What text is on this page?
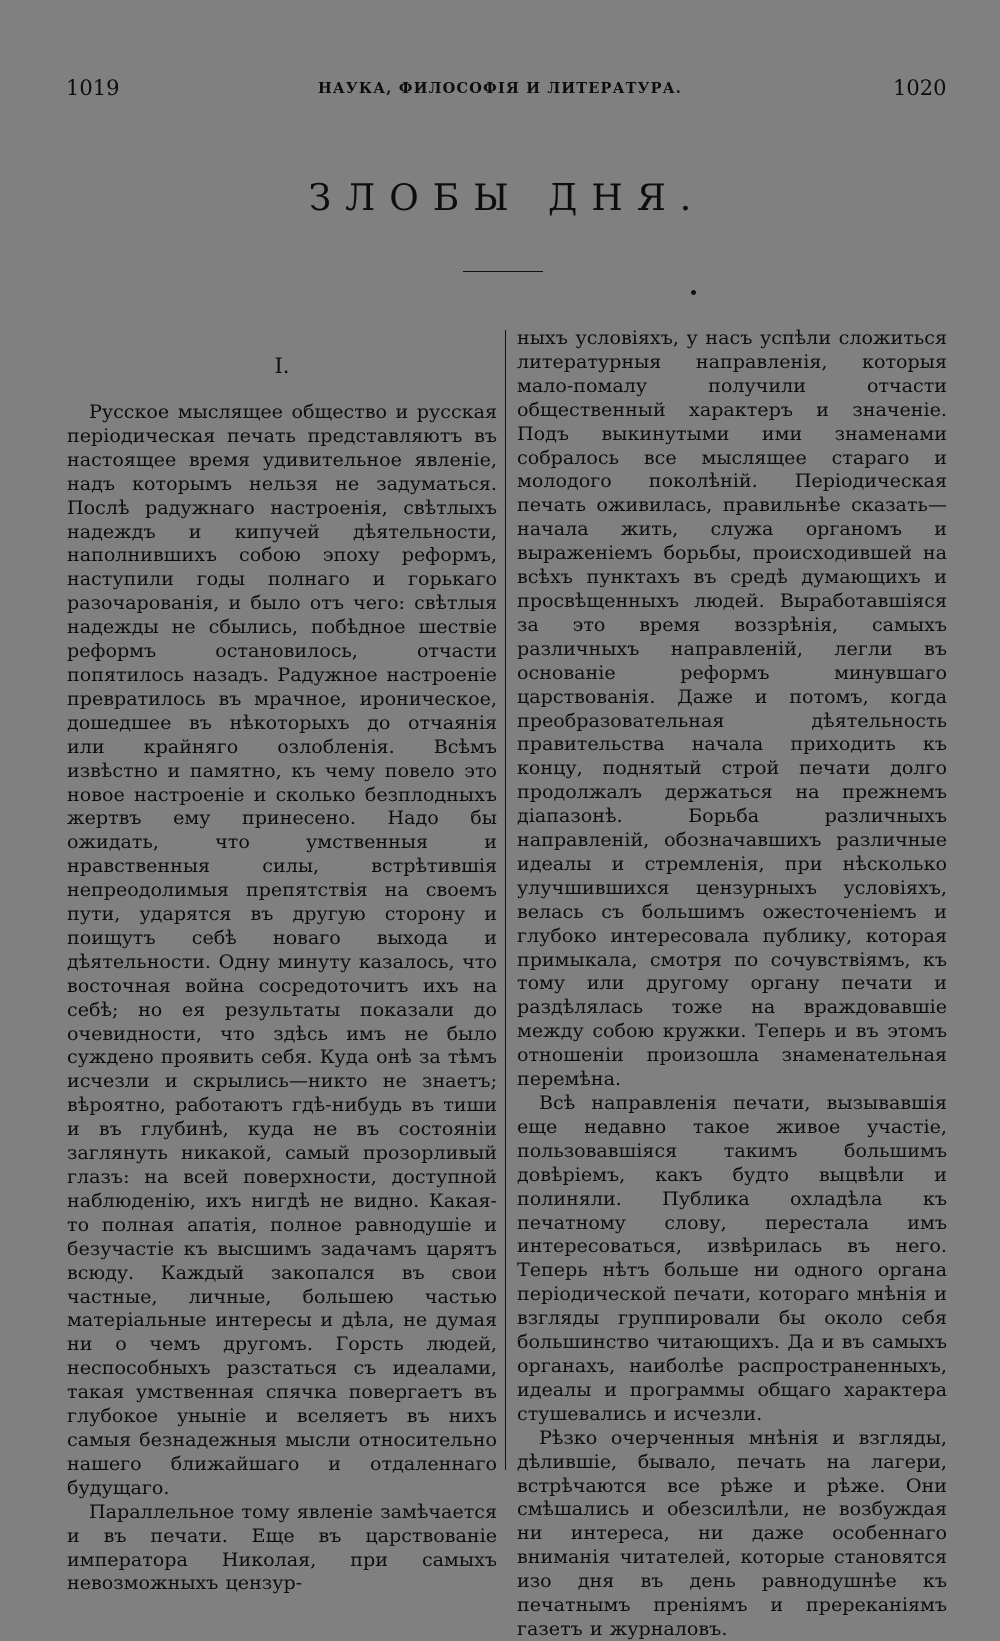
1019	НАУКА, ФИЛОСОФІЯ И ЛИТЕРАТУРА.	1020
ЗЛОБЫ ДНЯ.
I.

Русское мыслящее общество и русская періодическая печать представляютъ въ настоящее время удивительное явленіе, надъ которымъ нельзя не задуматься. Послѣ радужнаго настроенія, свѣтлыхъ надеждъ и кипучей дѣятельности, наполнившихъ собою эпоху реформъ, наступили годы полнаго и горькаго разочарованія, и было отъ чего: свѣтлыя надежды не сбылись, побѣдное шествіе реформъ остановилось, отчасти попятилось назадъ. Радужное настроеніе превратилось въ мрачное, ироническое, дошедшее въ нѣкоторыхъ до отчаянія или крайняго озлобленія. Всѣмъ извѣстно и памятно, къ чему повело это новое настроеніе и сколько безплодныхъ жертвъ ему принесено. Надо бы ожидать, что умственныя и нравственныя силы, встрѣтившія непреодолимыя препятствія на своемъ пути, ударятся въ другую сторону и поищутъ себѣ новаго выхода и дѣятельности. Одну минуту казалось, что восточная война сосредоточитъ ихъ на себѣ; но ея результаты показали до очевидности, что здѣсь имъ не было суждено проявить себя. Куда онѣ за тѣмъ исчезли и скрылись—никто не знаетъ; вѣроятно, работаютъ гдѣ-нибудь въ тиши и въ глубинѣ, куда не въ состояніи заглянуть никакой, самый прозорливый глазъ: на всей поверхности, доступной наблюденію, ихъ нигдѣ не видно. Какая-то полная апатія, полное равнодушіе и безучастіе къ высшимъ задачамъ царятъ всюду. Каждый закопался въ свои частные, личные, большею частью матеріальные интересы и дѣла, не думая ни о чемъ другомъ. Горсть людей, неспособныхъ разстаться съ идеалами, такая умственная спячка повергаетъ въ глубокое уныніе и вселяетъ въ нихъ самыя безнадежныя мысли относительно нашего ближайшаго и отдаленнаго будущаго.

Параллельное тому явленіе замѣчается и въ печати. Еще въ царствованіе императора Николая, при самыхъ невозможныхъ цензур-

ныхъ условіяхъ, у насъ успѣли сложиться литературныя направленія, которыя мало-помалу получили отчасти общественный характеръ и значеніе. Подъ выкинутыми ими знаменами собралось все мыслящее стараго и молодого поколѣній. Періодическая печать оживилась, правильнѣе сказать—начала жить, служа органомъ и выраженіемъ борьбы, происходившей на всѣхъ пунктахъ въ средѣ думающихъ и просвѣщенныхъ людей. Выработавшіяся за это время воззрѣнія, самыхъ различныхъ направленій, легли въ основаніе реформъ минувшаго царствованія. Даже и потомъ, когда преобразовательная дѣятельность правительства начала приходить къ концу, поднятый строй печати долго продолжалъ держаться на прежнемъ діапазонѣ. Борьба различныхъ направленій, обозначавшихъ различные идеалы и стремленія, при нѣсколько улучшившихся цензурныхъ условіяхъ, велась съ большимъ ожесточеніемъ и глубоко интересовала публику, которая примыкала, смотря по сочувствіямъ, къ тому или другому органу печати и раздѣлялась тоже на враждовавшіе между собою кружки. Теперь и въ этомъ отношеніи произошла знаменательная перемѣна.

Всѣ направленія печати, вызывавшія еще недавно такое живое участіе, пользовавшіяся такимъ большимъ довѣріемъ, какъ будто выцвѣли и полиняли. Публика охладѣла къ печатному слову, перестала имъ интересоваться, извѣрилась въ него. Теперь нѣтъ больше ни одного органа періодической печати, котораго мнѣнія и взгляды группировали бы около себя большинство читающихъ. Да и въ самыхъ органахъ, наиболѣе распространенныхъ, идеалы и программы общаго характера стушевались и исчезли.

Рѣзко очерченныя мнѣнія и взгляды, дѣлившіе, бывало, печать на лагери, встрѣчаются все рѣже и рѣже. Они смѣшались и обезсилѣли, не возбуждая ни интереса, ни даже особеннаго вниманія читателей, которые становятся изо дня въ день равнодушнѣе къ печатнымъ преніямъ и пререканіямъ газетъ и журналовъ.
